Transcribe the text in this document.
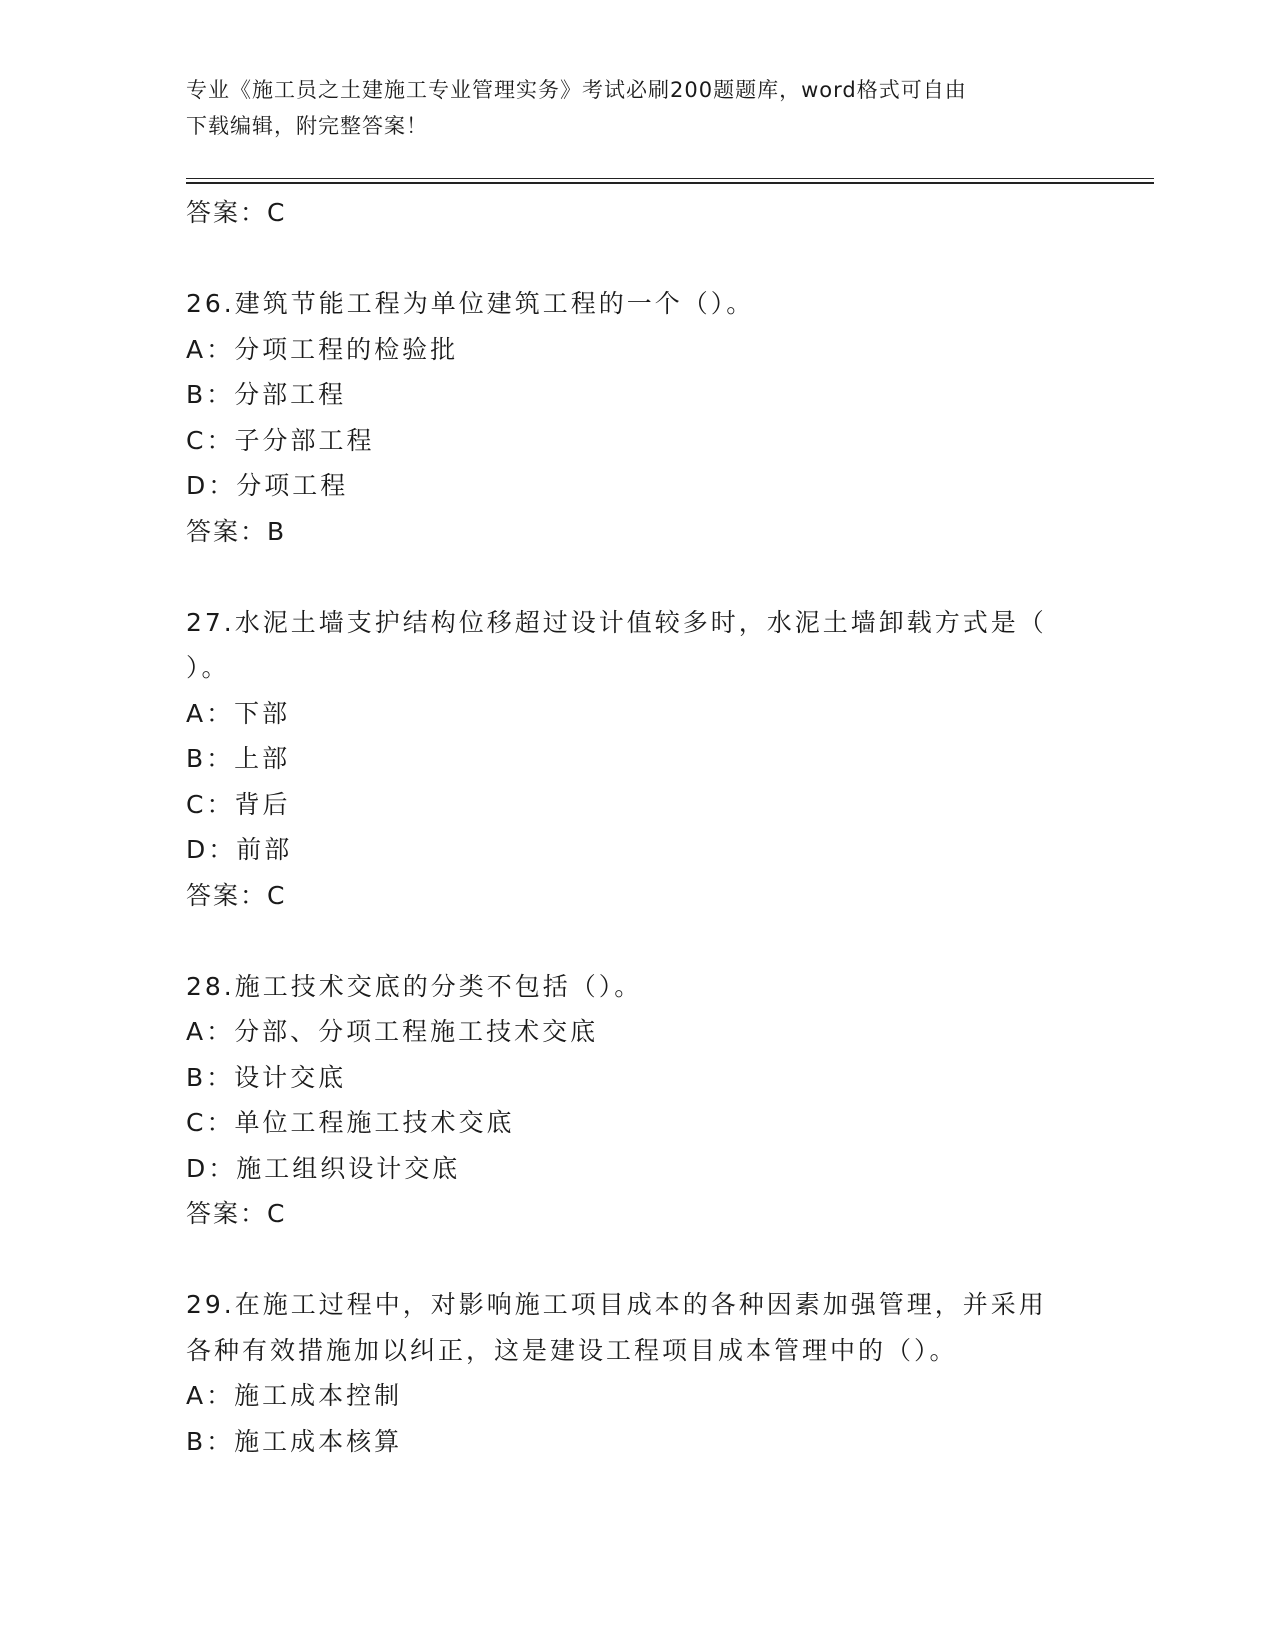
专业《施工员之土建施工专业管理实务》考试必刷200题题库，word格式可自由
下载编辑，附完整答案！
答案：C
26.建筑节能工程为单位建筑工程的一个（）。
A：分项工程的检验批
B：分部工程
C：子分部工程
D：分项工程
答案：B
27.水泥土墙支护结构位移超过设计值较多时，水泥土墙卸载方式是（
）。
A：下部
B：上部
C：背后
D：前部
答案：C
28.施工技术交底的分类不包括（）。
A：分部、分项工程施工技术交底
B：设计交底
C：单位工程施工技术交底
D：施工组织设计交底
答案：C
29.在施工过程中，对影响施工项目成本的各种因素加强管理，并采用
各种有效措施加以纠正，这是建设工程项目成本管理中的（）。
A：施工成本控制
B：施工成本核算
